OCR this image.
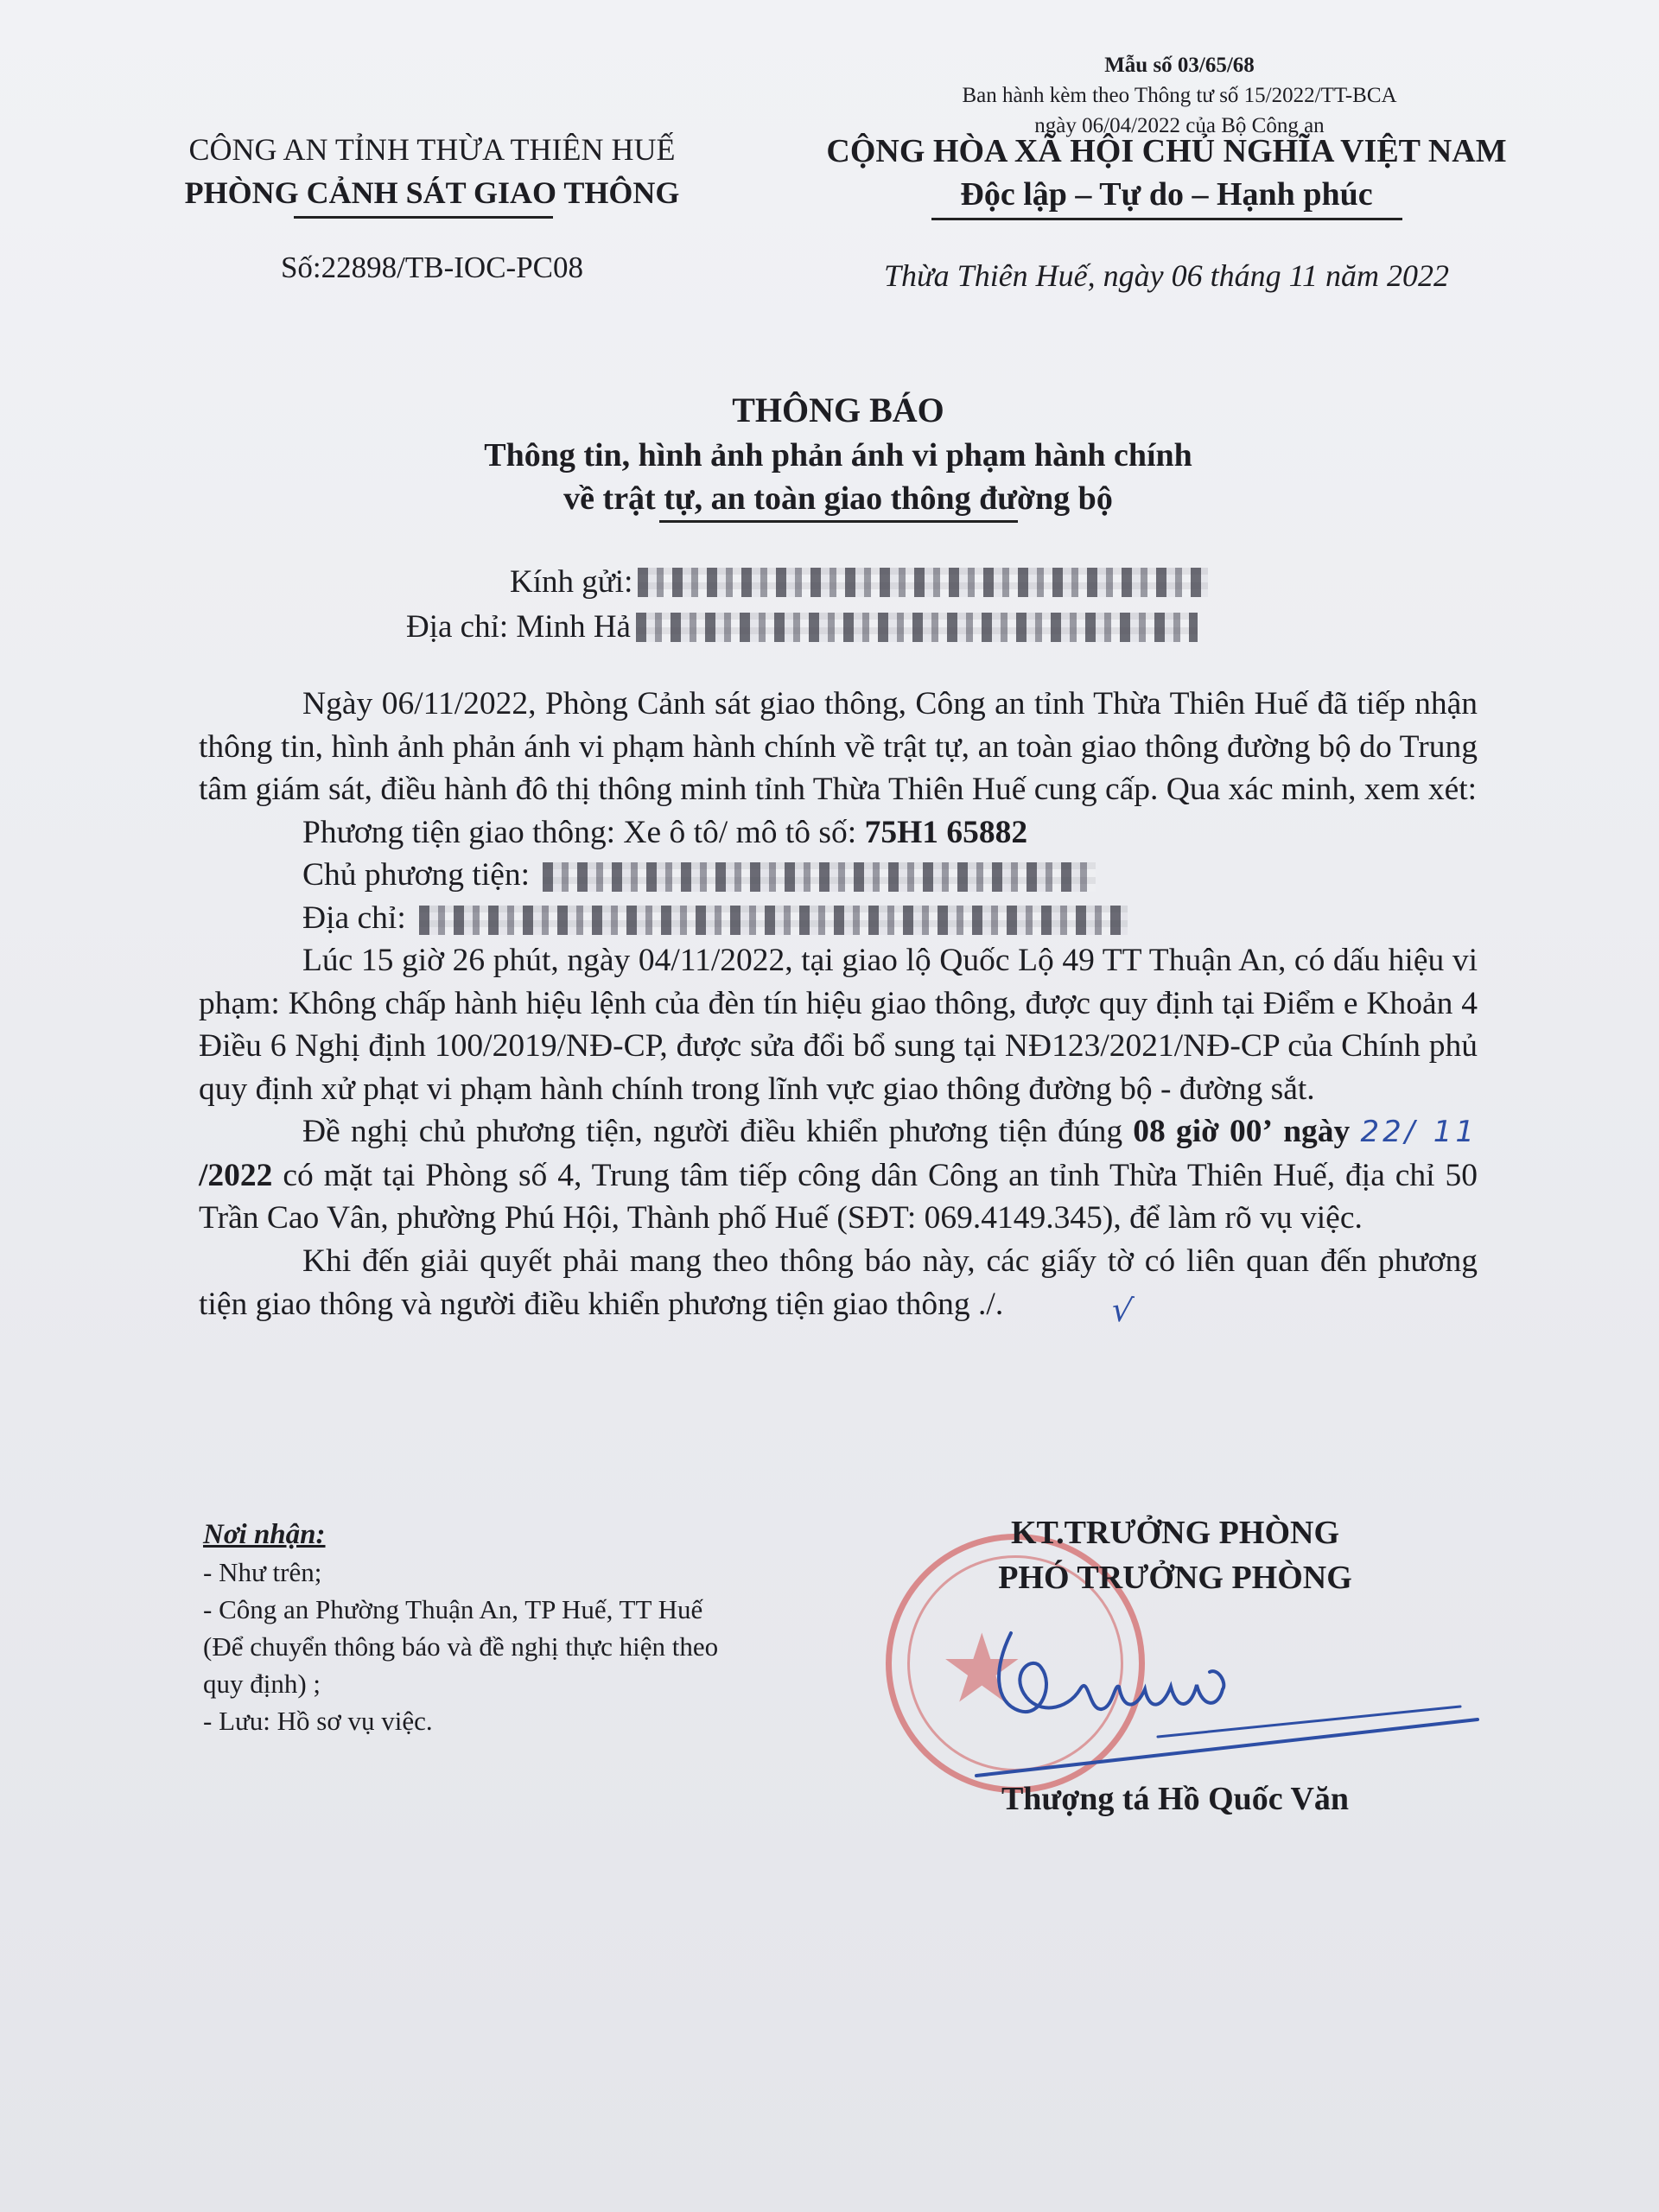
Mẫu số 03/65/68
Ban hành kèm theo Thông tư số 15/2022/TT-BCA
ngày 06/04/2022 của Bộ Công an
CÔNG AN TỈNH THỪA THIÊN HUẾ
PHÒNG CẢNH SÁT GIAO THÔNG
CỘNG HÒA XÃ HỘI CHỦ NGHĨA VIỆT NAM
Độc lập – Tự do – Hạnh phúc
Số:22898/TB-IOC-PC08	Thừa Thiên Huế, ngày 06 tháng 11 năm 2022
THÔNG BÁO
Thông tin, hình ảnh phản ánh vi phạm hành chính
về trật tự, an toàn giao thông đường bộ
Kính gửi:
Địa chỉ: Minh Hả

Ngày 06/11/2022, Phòng Cảnh sát giao thông, Công an tỉnh Thừa Thiên Huế đã tiếp nhận thông tin, hình ảnh phản ánh vi phạm hành chính về trật tự, an toàn giao thông đường bộ do Trung tâm giám sát, điều hành đô thị thông minh tỉnh Thừa Thiên Huế cung cấp. Qua xác minh, xem xét:

Phương tiện giao thông: Xe ô tô/ mô tô số: 75H1 65882
Chủ phương tiện:
Địa chỉ:

Lúc 15 giờ 26 phút, ngày 04/11/2022, tại giao lộ Quốc Lộ 49 TT Thuận An, có dấu hiệu vi phạm: Không chấp hành hiệu lệnh của đèn tín hiệu giao thông, được quy định tại Điểm e Khoản 4 Điều 6 Nghị định 100/2019/NĐ-CP, được sửa đổi bổ sung tại NĐ123/2021/NĐ-CP của Chính phủ quy định xử phạt vi phạm hành chính trong lĩnh vực giao thông đường bộ - đường sắt.

Đề nghị chủ phương tiện, người điều khiển phương tiện đúng 08 giờ 00’ ngày 22/ 11 /2022 có mặt tại Phòng số 4, Trung tâm tiếp công dân Công an tỉnh Thừa Thiên Huế, địa chỉ 50 Trần Cao Vân, phường Phú Hội, Thành phố Huế (SĐT: 069.4149.345), để làm rõ vụ việc.

Khi đến giải quyết phải mang theo thông báo này, các giấy tờ có liên quan đến phương tiện giao thông và người điều khiển phương tiện giao thông ./.	√

Nơi nhận:
- Như trên;
- Công an Phường Thuận An, TP Huế, TT Huế
(Để chuyển thông báo và đề nghị thực hiện theo
quy định) ;
- Lưu: Hồ sơ vụ việc.	★
KT.TRƯỞNG PHÒNG
PHÓ TRƯỞNG PHÒNG
Thượng tá Hồ Quốc Văn
